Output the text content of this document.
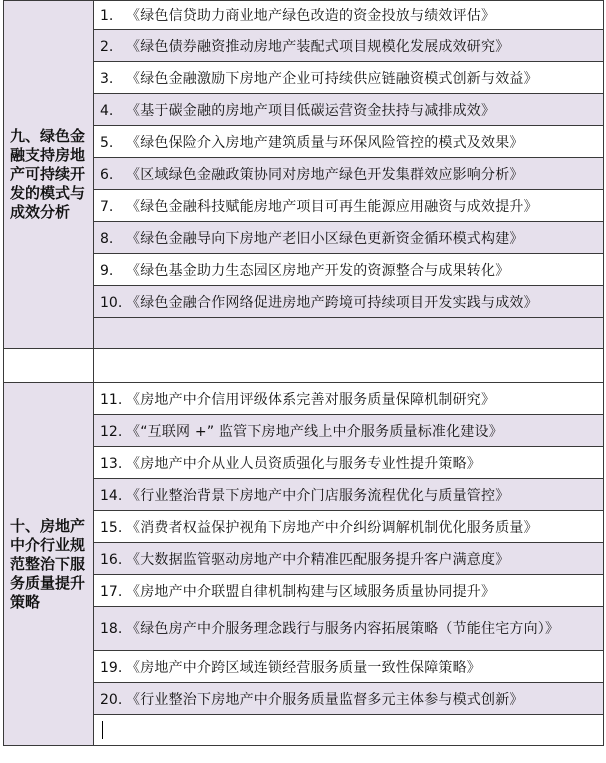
九、绿色金融支持房地产可持续开发的模式与成效分析	1. 《绿色信贷助力商业地产绿色改造的资金投放与绩效评估》
	2. 《绿色债券融资推动房地产装配式项目规模化发展成效研究》
	3. 《绿色金融激励下房地产企业可持续供应链融资模式创新与效益》
	4. 《基于碳金融的房地产项目低碳运营资金扶持与减排成效》
	5. 《绿色保险介入房地产建筑质量与环保风险管控的模式及效果》
	6. 《区域绿色金融政策协同对房地产绿色开发集群效应影响分析》
	7. 《绿色金融科技赋能房地产项目可再生能源应用融资与成效提升》
	8. 《绿色金融导向下房地产老旧小区绿色更新资金循环模式构建》
	9. 《绿色基金助力生态园区房地产开发的资源整合与成果转化》
	10. 《绿色金融合作网络促进房地产跨境可持续项目开发实践与成效》

十、房地产中介行业规范整治下服务质量提升策略	11. 《房地产中介信用评级体系完善对服务质量保障机制研究》
	12. 《“互联网 +” 监管下房地产线上中介服务质量标准化建设》
	13. 《房地产中介从业人员资质强化与服务专业性提升策略》
	14. 《行业整治背景下房地产中介门店服务流程优化与质量管控》
	15. 《消费者权益保护视角下房地产中介纠纷调解机制优化服务质量》
	16. 《大数据监管驱动房地产中介精准匹配服务提升客户满意度》
	17. 《房地产中介联盟自律机制构建与区域服务质量协同提升》

	18. 《绿色房产中介服务理念践行与服务内容拓展策略（节能住宅方向）》

	19. 《房地产中介跨区域连锁经营服务质量一致性保障策略》
	20. 《行业整治下房地产中介服务质量监督多元主体参与模式创新》
